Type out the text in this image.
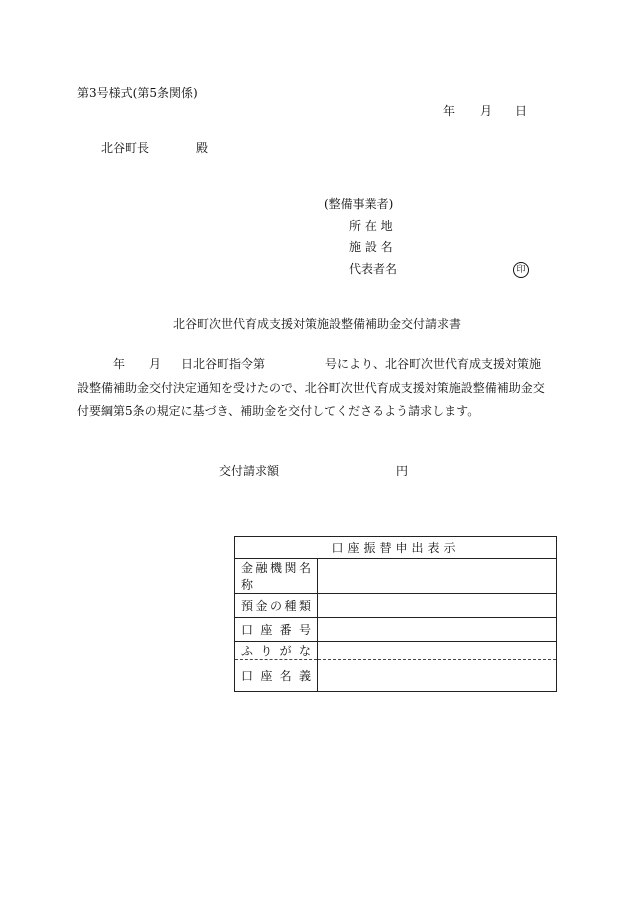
第3号様式(第5条関係)
年 月 日
北谷町長	殿
(整備事業者)
所 在 地
施 設 名
代表者名	印
北谷町次世代育成支援対策施設整備補助金交付請求書
年 月 日北谷町指令第　　　　　号により、北谷町次世代育成支援対策施設整備補助金交付決定通知を受けたので、北谷町次世代育成支援対策施設整備補助金交付要綱第5条の規定に基づき、補助金を交付してくださるよう請求します。
交付請求額	円
口座振替申出表示	
金融機関名称	
預金の種類	
口座番号	
ふりがな	
口座名義	
